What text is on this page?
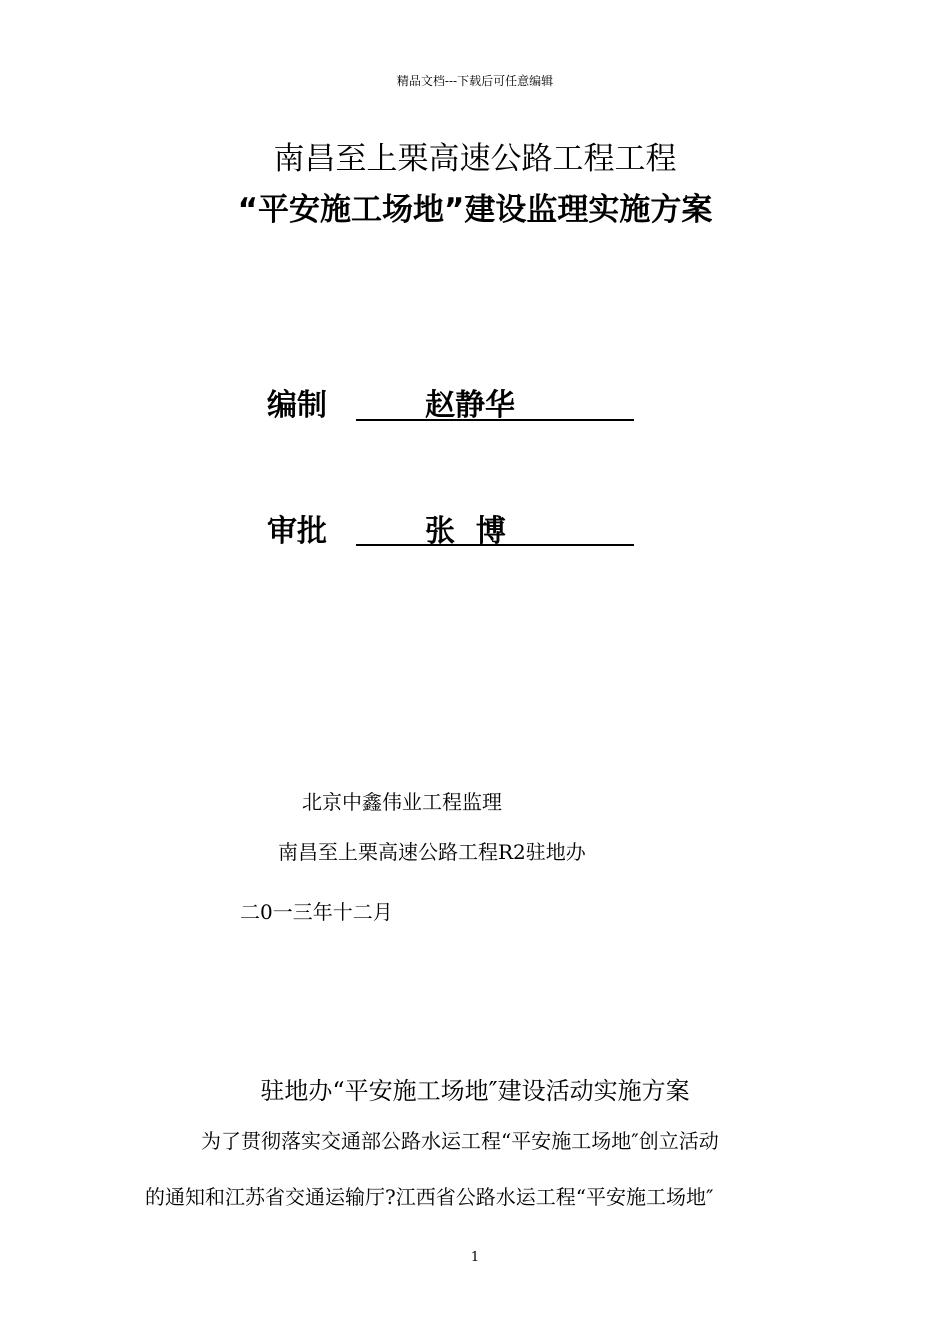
精品文档---下载后可任意编辑
南昌至上栗高速公路工程工程
“平安施工场地”建设监理实施方案
编制	赵静华
审批	张  博
北京中鑫伟业工程监理
南昌至上栗高速公路工程R2驻地办
二0一三年十二月
驻地办“平安施工场地″建设活动实施方案
为了贯彻落实交通部公路水运工程“平安施工场地″创立活动
的通知和江苏省交通运输厅?江西省公路水运工程“平安施工场地″
1
